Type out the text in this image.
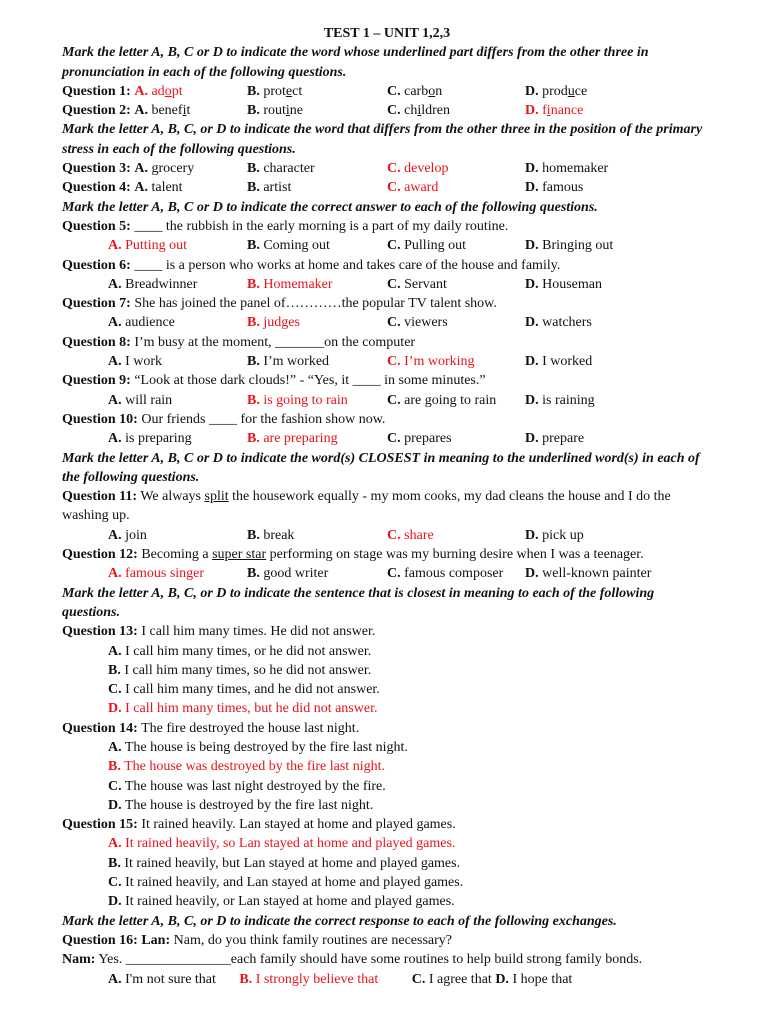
TEST 1 – UNIT 1,2,3
Mark the letter A, B, C or D to indicate the word whose underlined part differs from the other three in pronunciation in each of the following questions.
Question 1: A. adopt	B. protect	C. carbon	D. produce
Question 2: A. benefit	B. routine	C. children	D. finance
Mark the letter A, B, C, or D to indicate the word that differs from the other three in the position of the primary stress in each of the following questions.
Question 3: A. grocery	B. character	C. develop	D. homemaker
Question 4: A. talent	B. artist	C. award	D. famous
Mark the letter A, B, C or D to indicate the correct answer to each of the following questions.
Question 5: ____ the rubbish in the early morning is a part of my daily routine.
A. Putting out	B. Coming out	C. Pulling out	D. Bringing out
Question 6: ____ is a person who works at home and takes care of the house and family.
A. Breadwinner	B. Homemaker	C. Servant	D. Houseman
Question 7: She has joined the panel of…………the popular TV talent show.
A. audience	B. judges	C. viewers	D. watchers
Question 8: I’m busy at the moment, _______on the computer
A. I work	B. I’m worked	C. I’m working	D. I worked
Question 9: “Look at those dark clouds!” - “Yes, it ____ in some minutes.”
A. will rain	B. is going to rain	C. are going to rain	D. is raining
Question 10: Our friends ____ for the fashion show now.
A. is preparing	B. are preparing	C. prepares	D. prepare
Mark the letter A, B, C or D to indicate the word(s) CLOSEST in meaning to the underlined word(s) in each of the following questions.
Question 11: We always split the housework equally - my mom cooks, my dad cleans the house and I do the washing up.
A. join	B. break	C. share	D. pick up
Question 12: Becoming a super star performing on stage was my burning desire when I was a teenager.
A. famous singer	B. good writer	C. famous composer	D. well-known painter
Mark the letter A, B, C, or D to indicate the sentence that is closest in meaning to each of the following questions.
Question 13: I call him many times. He did not answer.
A. I call him many times, or he did not answer.
B. I call him many times, so he did not answer.
C. I call him many times, and he did not answer.
D. I call him many times, but he did not answer.
Question 14: The fire destroyed the house last night.
A. The house is being destroyed by the fire last night.
B. The house was destroyed by the fire last night.
C. The house was last night destroyed by the fire.
D. The house is destroyed by the fire last night.
Question 15: It rained heavily. Lan stayed at home and played games.
A. It rained heavily, so Lan stayed at home and played games.
B. It rained heavily, but Lan stayed at home and played games.
C. It rained heavily, and Lan stayed at home and played games.
D. It rained heavily, or Lan stayed at home and played games.
Mark the letter A, B, C, or D to indicate the correct response to each of the following exchanges.
Question 16: Lan: Nam, do you think family routines are necessary?
Nam: Yes. _______________each family should have some routines to help build strong family bonds.
A. I'm not sure that B. I strongly believe that C. I agree that D. I hope that
